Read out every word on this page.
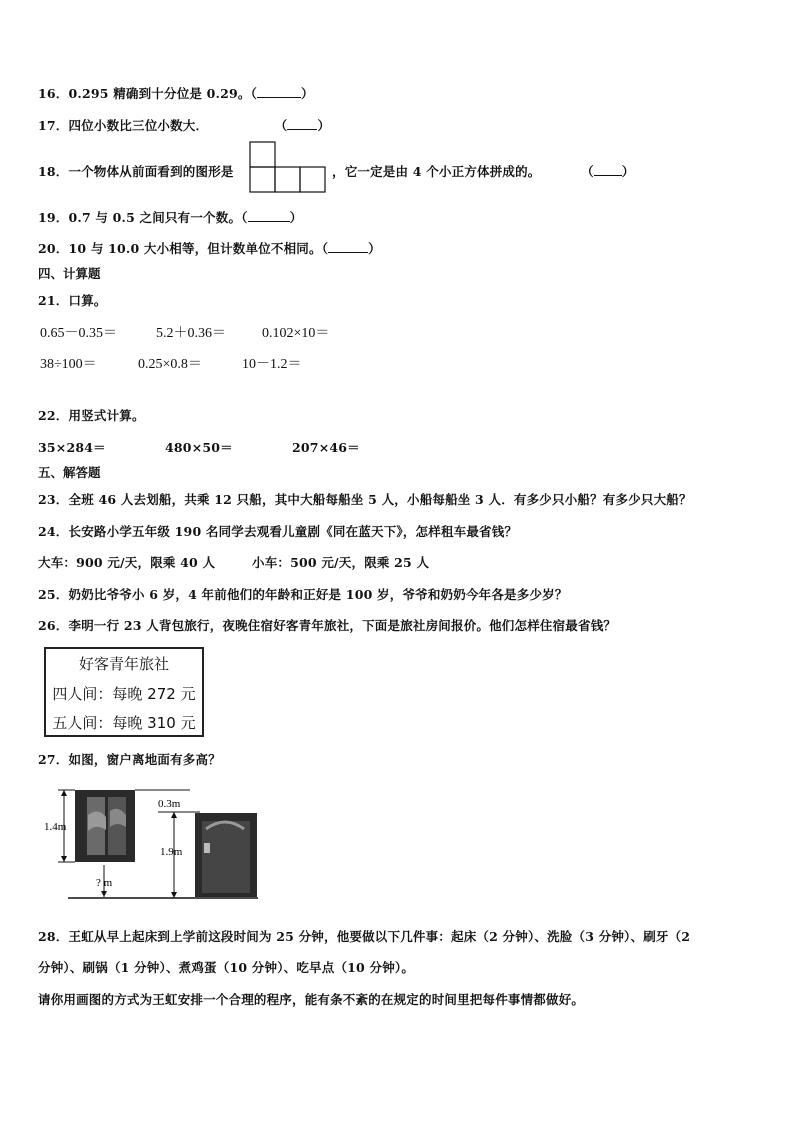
16．0.295 精确到十分位是 0.29。（	）
17．四位小数比三位小数大．	（ ）
18．一个物体从前面看到的图形是	，它一定是由 4 个小正方体拼成的。	（ ）
19．0.7 与 0.5 之间只有一个数。（	）
20．10 与 10.0 大小相等，但计数单位不相同。（	）
四、计算题
21．口算。
0.65－0.35＝	5.2＋0.36＝	0.102×10＝
38÷100＝	0.25×0.8＝	10－1.2＝
22．用竖式计算。
35×284＝	480×50＝	207×46＝
五、解答题
23．全班 46 人去划船，共乘 12 只船，其中大船每船坐 5 人，小船每船坐 3 人．有多少只小船？有多少只大船？
24．长安路小学五年级 190 名同学去观看儿童剧《同在蓝天下》，怎样租车最省钱？
大车：900 元/天，限乘 40 人	小车：500 元/天，限乘 25 人
25．奶奶比爷爷小 6 岁，4 年前他们的年龄和正好是 100 岁，爷爷和奶奶今年各是多少岁？
26．李明一行 23 人背包旅行，夜晚住宿好客青年旅社，下面是旅社房间报价。他们怎样住宿最省钱？
好客青年旅社
四人间：每晚 272 元
五人间：每晚 310 元
27．如图，窗户离地面有多高？
1.4m
? m
0.3m
1.9m
28．王虹从早上起床到上学前这段时间为 25 分钟，他要做以下几件事：起床（2 分钟）、洗脸（3 分钟）、刷牙（2
分钟）、刷锅（1 分钟）、煮鸡蛋（10 分钟）、吃早点（10 分钟）。
请你用画图的方式为王虹安排一个合理的程序，能有条不紊的在规定的时间里把每件事情都做好。
